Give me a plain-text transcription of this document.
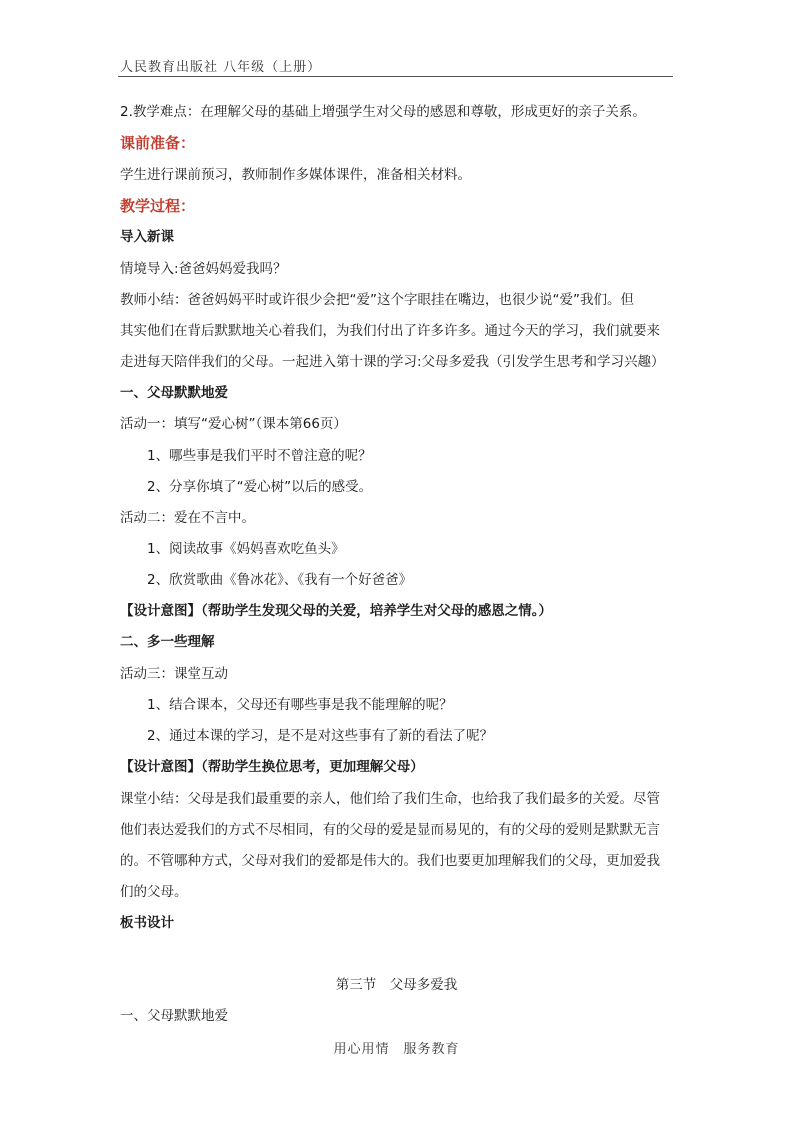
人民教育出版社 八年级（上册）
2.教学难点：在理解父母的基础上增强学生对父母的感恩和尊敬，形成更好的亲子关系。
课前准备：
学生进行课前预习，教师制作多媒体课件，准备相关材料。
教学过程：
导入新课
情境导入:爸爸妈妈爱我吗？
教师小结：爸爸妈妈平时或许很少会把“爱”这个字眼挂在嘴边，也很少说“爱”我们。但
其实他们在背后默默地关心着我们，为我们付出了许多许多。通过今天的学习，我们就要来
走进每天陪伴我们的父母。一起进入第十课的学习:父母多爱我（引发学生思考和学习兴趣）
一、父母默默地爱
活动一：填写“爱心树”（课本第66页）
1、哪些事是我们平时不曾注意的呢？
2、分享你填了“爱心树”以后的感受。
活动二：爱在不言中。
1、阅读故事《妈妈喜欢吃鱼头》
2、欣赏歌曲《鲁冰花》、《我有一个好爸爸》
【设计意图】（帮助学生发现父母的关爱，培养学生对父母的感恩之情。）
二、多一些理解
活动三：课堂互动
1、结合课本，父母还有哪些事是我不能理解的呢？
2、通过本课的学习，是不是对这些事有了新的看法了呢？
【设计意图】（帮助学生换位思考，更加理解父母）
课堂小结：父母是我们最重要的亲人，他们给了我们生命，也给我了我们最多的关爱。尽管
他们表达爱我们的方式不尽相同，有的父母的爱是显而易见的，有的父母的爱则是默默无言
的。不管哪种方式，父母对我们的爱都是伟大的。我们也要更加理解我们的父母，更加爱我
们的父母。
板书设计
第三节　父母多爱我
一、父母默默地爱
用心用情　服务教育
